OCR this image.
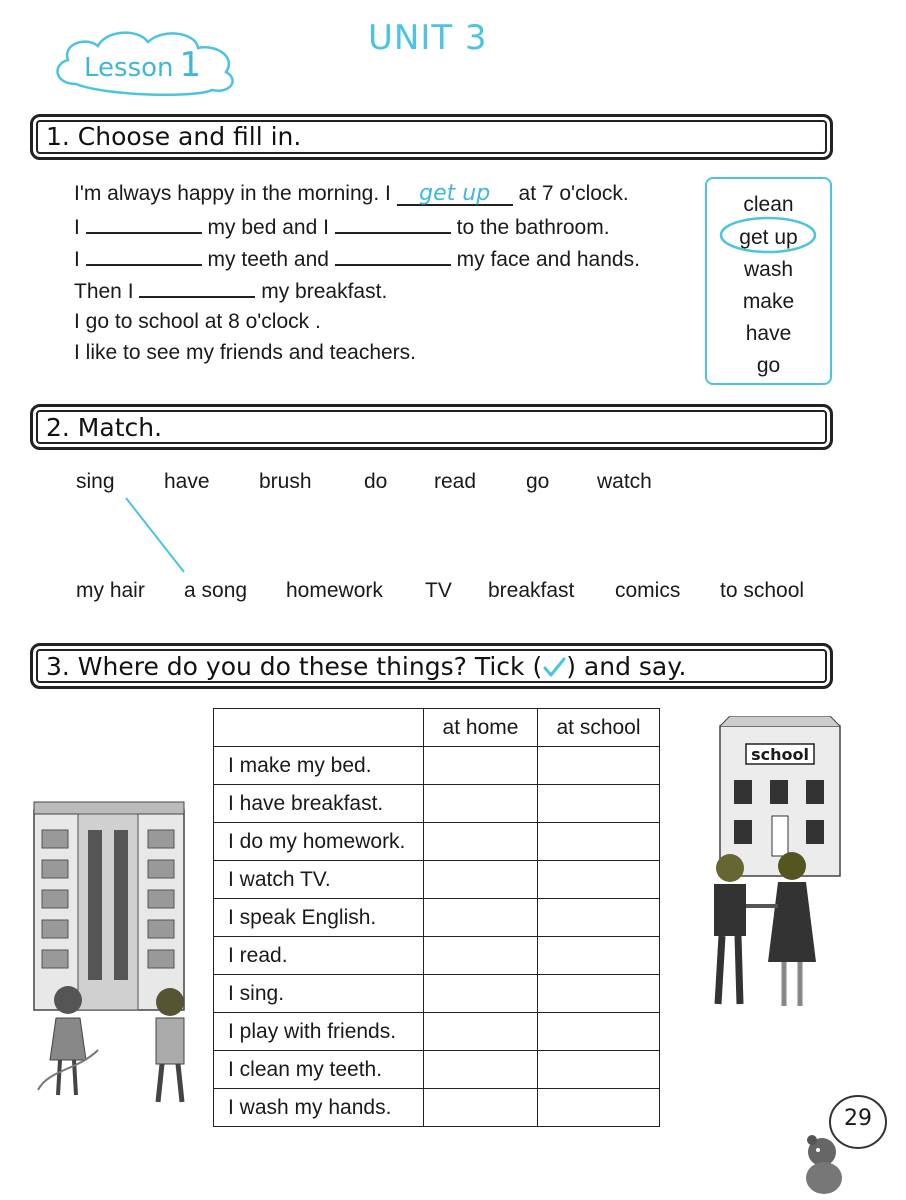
UNIT 3
Lesson 1
1. Choose and fill in.
I'm always happy in the morning. I get up at 7 o'clock.
I	my bed and I	to the bathroom.
I	my teeth and	my face and hands.
Then I	my breakfast.
I go to school at 8 o'clock .
I like to see my friends and teachers.
clean
get up
wash
make
have
go
2. Match.
sing have brush do read go watch
my hair a song homework TV breakfast comics to school
3. Where do you do these things? Tick ( ) and say.
	at home	at school
I make my bed.		
I have breakfast.		
I do my homework.		
I watch TV.		
I speak English.		
I read.		
I sing.		
I play with friends.		
I clean my teeth.		
I wash my hands.		
school
29
